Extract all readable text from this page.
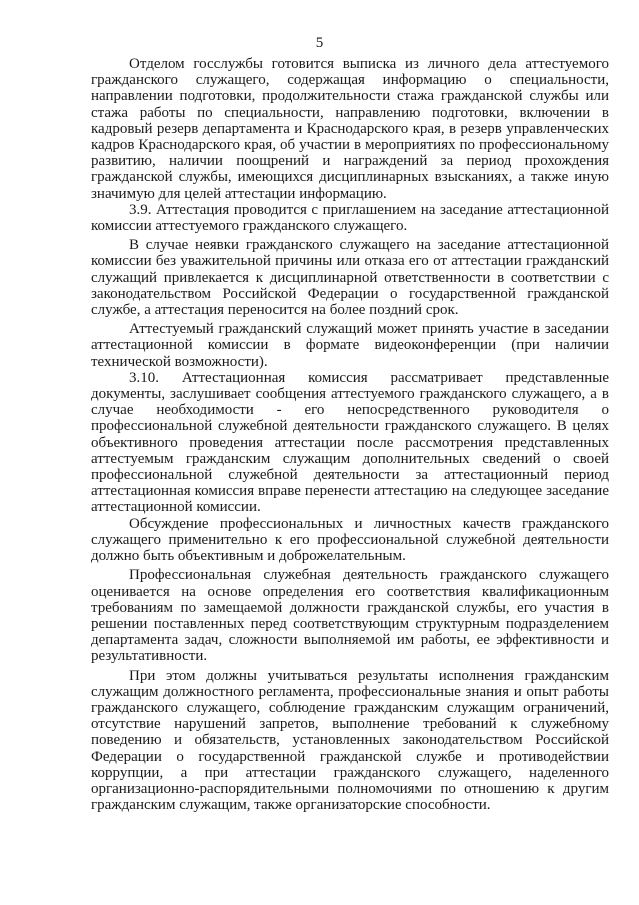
5

Отделом госслужбы готовится выписка из личного дела аттестуемого гражданского служащего, содержащая информацию о специальности, направлении подготовки, продолжительности стажа гражданской службы или стажа работы по специальности, направлению подготовки, включении в кадровый резерв департамента и Краснодарского края, в резерв управленческих кадров Краснодарского края, об участии в мероприятиях по профессиональному развитию, наличии поощрений и награждений за период прохождения гражданской службы, имеющихся дисциплинарных взысканиях, а также иную значимую для целей аттестации информацию.

3.9. Аттестация проводится с приглашением на заседание аттестационной комиссии аттестуемого гражданского служащего.

В случае неявки гражданского служащего на заседание аттестационной комиссии без уважительной причины или отказа его от аттестации гражданский служащий привлекается к дисциплинарной ответственности в соответствии с законодательством Российской Федерации о государственной гражданской службе, а аттестация переносится на более поздний срок.

Аттестуемый гражданский служащий может принять участие в заседании аттестационной комиссии в формате видеоконференции (при наличии технической возможности).

3.10. Аттестационная комиссия рассматривает представленные документы, заслушивает сообщения аттестуемого гражданского служащего, а в случае необходимости - его непосредственного руководителя о профессиональной служебной деятельности гражданского служащего. В целях объективного проведения аттестации после рассмотрения представленных аттестуемым гражданским служащим дополнительных сведений о своей профессиональной служебной деятельности за аттестационный период аттестационная комиссия вправе перенести аттестацию на следующее заседание аттестационной комиссии.

Обсуждение профессиональных и личностных качеств гражданского служащего применительно к его профессиональной служебной деятельности должно быть объективным и доброжелательным.

Профессиональная служебная деятельность гражданского служащего оценивается на основе определения его соответствия квалификационным требованиям по замещаемой должности гражданской службы, его участия в решении поставленных перед соответствующим структурным подразделением департамента задач, сложности выполняемой им работы, ее эффективности и результативности.

При этом должны учитываться результаты исполнения гражданским служащим должностного регламента, профессиональные знания и опыт работы гражданского служащего, соблюдение гражданским служащим ограничений, отсутствие нарушений запретов, выполнение требований к служебному поведению и обязательств, установленных законодательством Российской Федерации о государственной гражданской службе и противодействии коррупции, а при аттестации гражданского служащего, наделенного организационно-распорядительными полномочиями по отношению к другим гражданским служащим, также организаторские способности.
